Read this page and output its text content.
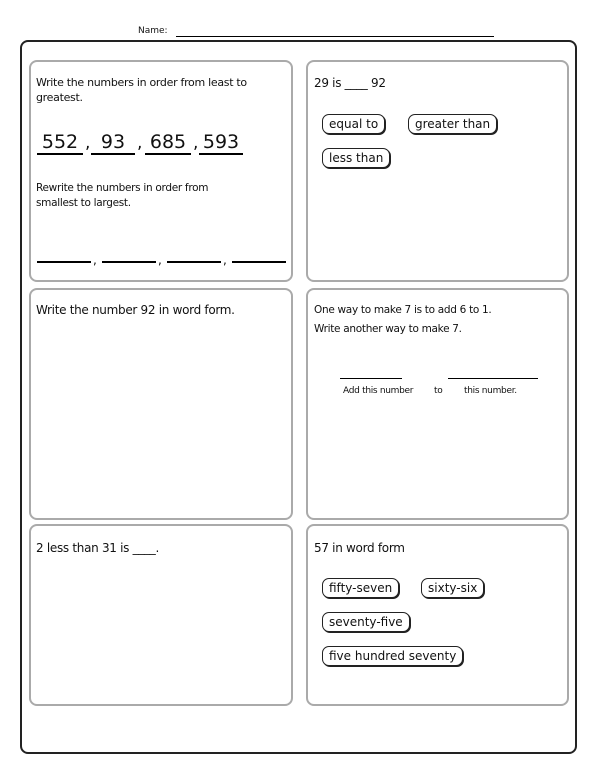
Name:
Write the numbers in order from least to greatest.
552 , 93 , 685 , 593
Rewrite the numbers in order from smallest to largest.
,	,	,
29 is ____ 92
equal to	greater than
less than
Write the number 92 in word form.	One way to make 7 is to add 6 to 1.
Write another way to make 7.
Add this number to this number.
2 less than 31 is ____.	57 in word form
fifty-seven	sixty-six
seventy-five
five hundred seventy
